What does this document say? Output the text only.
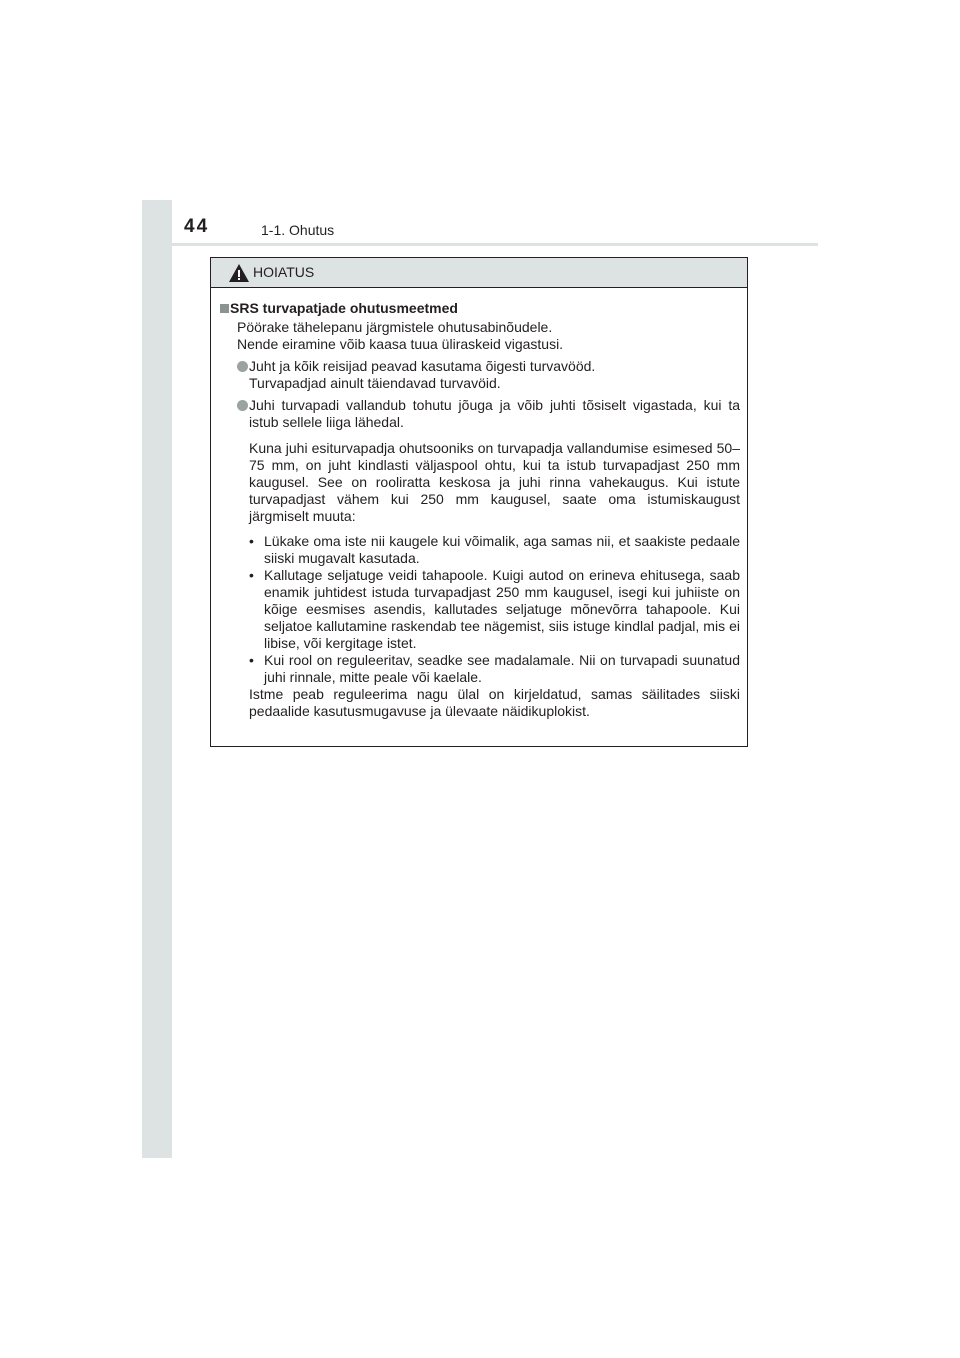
44	1-1. Ohutus
HOIATUS
SRS turvapatjade ohutusmeetmed
Pöörake tähelepanu järgmistele ohutusabinõudele.
Nende eiramine võib kaasa tuua üliraskeid vigastusi.
Juht ja kõik reisijad peavad kasutama õigesti turvavööd.
Turvapadjad ainult täiendavad turvavöid.
Juhi turvapadi vallandub tohutu jõuga ja võib juhti tõsiselt vigastada, kui ta istub sellele liiga lähedal.
Kuna juhi esiturvapadja ohutsooniks on turvapadja vallandumise esimesed 50–75 mm, on juht kindlasti väljaspool ohtu, kui ta istub turvapadjast 250 mm kaugusel. See on rooliratta keskosa ja juhi rinna vahekaugus. Kui istute turvapadjast vähem kui 250 mm kaugusel, saate oma istumiskaugust järgmiselt muuta:
• Lükake oma iste nii kaugele kui võimalik, aga samas nii, et saakiste pedaale siiski mugavalt kasutada.
• Kallutage seljatuge veidi tahapoole. Kuigi autod on erineva ehitusega, saab enamik juhtidest istuda turvapadjast 250 mm kaugusel, isegi kui juhiiste on kõige eesmises asendis, kallutades seljatuge mõnevõrra tahapoole. Kui seljatoe kallutamine raskendab tee nägemist, siis istuge kindlal padjal, mis ei libise, või kergitage istet.
• Kui rool on reguleeritav, seadke see madalamale. Nii on turvapadi suunatud juhi rinnale, mitte peale või kaelale.
Istme peab reguleerima nagu ülal on kirjeldatud, samas säilitades siiski pedaalide kasutusmugavuse ja ülevaate näidikuplokist.
